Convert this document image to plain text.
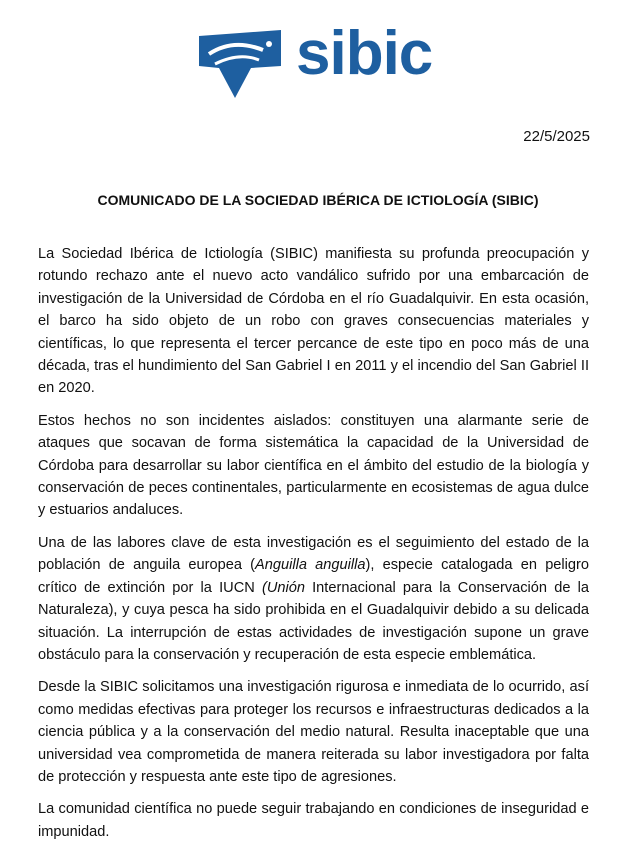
sibic
22/5/2025
COMUNICADO DE LA SOCIEDAD IBÉRICA DE ICTIOLOGÍA (SIBIC)

La Sociedad Ibérica de Ictiología (SIBIC) manifiesta su profunda preocupación y rotundo rechazo ante el nuevo acto vandálico sufrido por una embarcación de investigación de la Universidad de Córdoba en el río Guadalquivir. En esta ocasión, el barco ha sido objeto de un robo con graves consecuencias materiales y científicas, lo que representa el tercer percance de este tipo en poco más de una década, tras el hundimiento del San Gabriel I en 2011 y el incendio del San Gabriel II en 2020.

Estos hechos no son incidentes aislados: constituyen una alarmante serie de ataques que socavan de forma sistemática la capacidad de la Universidad de Córdoba para desarrollar su labor científica en el ámbito del estudio de la biología y conservación de peces continentales, particularmente en ecosistemas de agua dulce y estuarios andaluces.

Una de las labores clave de esta investigación es el seguimiento del estado de la población de anguila europea (Anguilla anguilla), especie catalogada en peligro crítico de extinción por la IUCN (Unión Internacional para la Conservación de la Naturaleza), y cuya pesca ha sido prohibida en el Guadalquivir debido a su delicada situación. La interrupción de estas actividades de investigación supone un grave obstáculo para la conservación y recuperación de esta especie emblemática.

Desde la SIBIC solicitamos una investigación rigurosa e inmediata de lo ocurrido, así como medidas efectivas para proteger los recursos e infraestructuras dedicados a la ciencia pública y a la conservación del medio natural. Resulta inaceptable que una universidad vea comprometida de manera reiterada su labor investigadora por falta de protección y respuesta ante este tipo de agresiones.

La comunidad científica no puede seguir trabajando en condiciones de inseguridad e impunidad.
